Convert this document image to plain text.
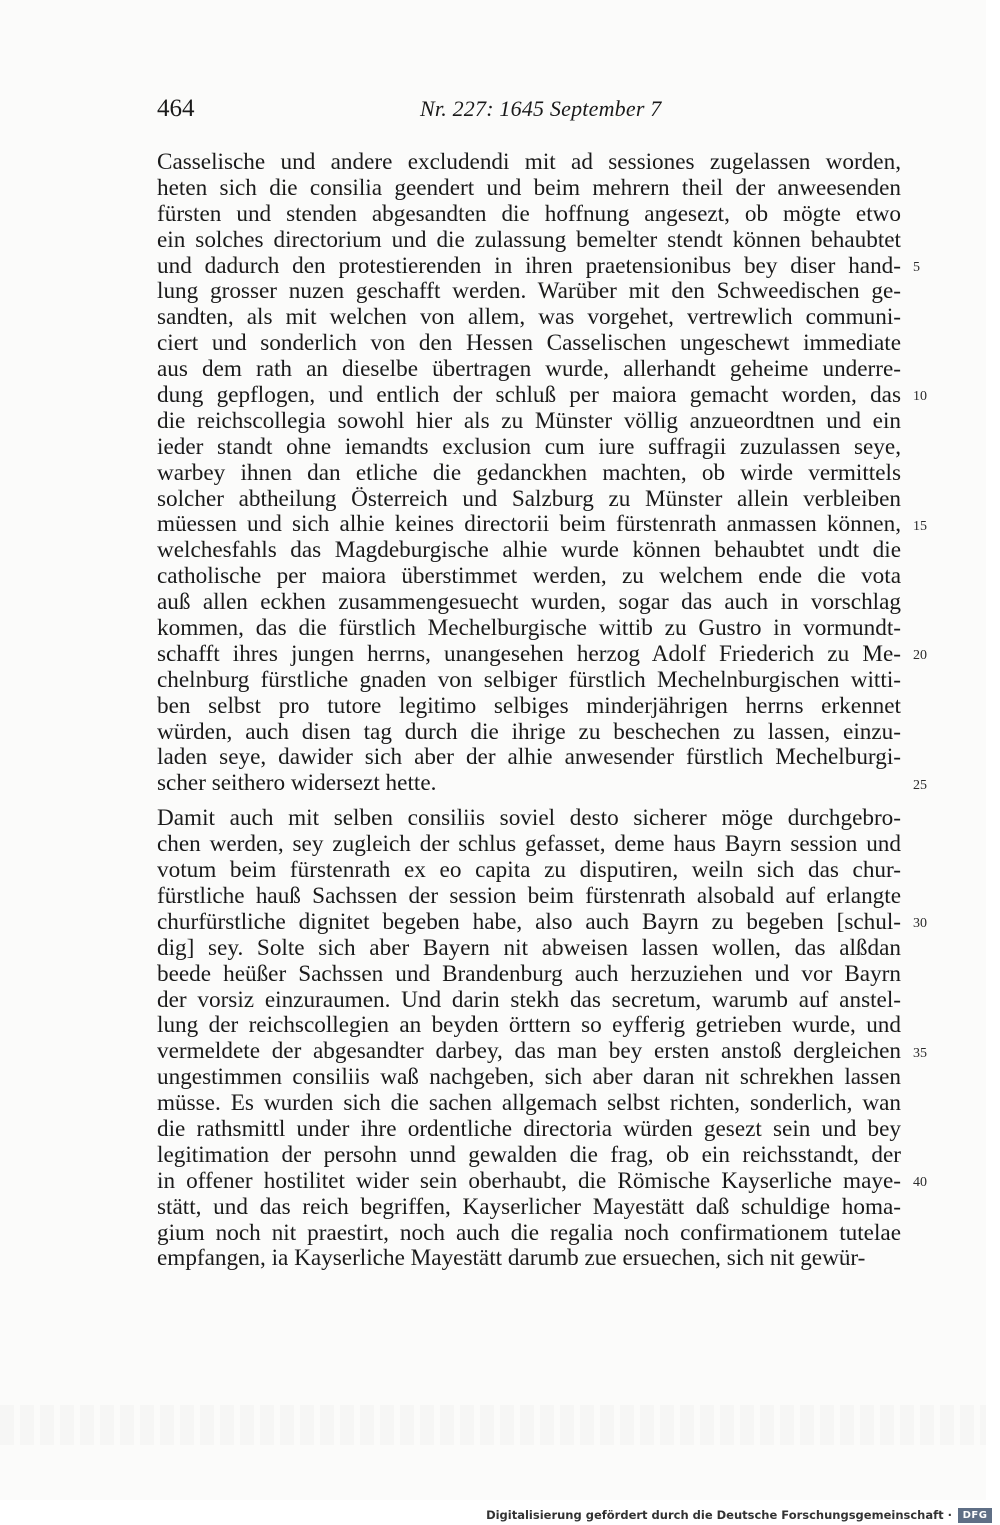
464	Nr. 227: 1645 September 7
Casselische und andere excludendi mit ad sessiones zugelassen worden,
heten sich die consilia geendert und beim mehrern theil der anweesenden
fürsten und stenden abgesandten die hoffnung angesezt, ob mögte etwo
ein solches directorium und die zulassung bemelter stendt können behaubtet
und dadurch den protestierenden in ihren praetensionibus bey diser hand-
lung grosser nuzen geschafft werden. Warüber mit den Schweedischen ge-
sandten, als mit welchen von allem, was vorgehet, vertrewlich communi-
ciert und sonderlich von den Hessen Casselischen ungeschewt immediate
aus dem rath an dieselbe übertragen wurde, allerhandt geheime underre-
dung gepflogen, und entlich der schluß per maiora gemacht worden, das
die reichscollegia sowohl hier als zu Münster völlig anzueordtnen und ein
ieder standt ohne iemandts exclusion cum iure suffragii zuzulassen seye,
warbey ihnen dan etliche die gedanckhen machten, ob wirde vermittels
solcher abtheilung Österreich und Salzburg zu Münster allein verbleiben
müessen und sich alhie keines directorii beim fürstenrath anmassen können,
welchesfahls das Magdeburgische alhie wurde können behaubtet undt die
catholische per maiora überstimmet werden, zu welchem ende die vota
auß allen eckhen zusammengesuecht wurden, sogar das auch in vorschlag
kommen, das die fürstlich Mechelburgische wittib zu Gustro in vormundt-
schafft ihres jungen herrns, unangesehen herzog Adolf Friederich zu Me-
chelnburg fürstliche gnaden von selbiger fürstlich Mechelnburgischen witti-
ben selbst pro tutore legitimo selbiges minderjährigen herrns erkennet
würden, auch disen tag durch die ihrige zu beschechen zu lassen, einzu-
laden seye, dawider sich aber der alhie anwesender fürstlich Mechelburgi-
scher seithero widersezt hette.
Damit auch mit selben consiliis soviel desto sicherer möge durchgebro-
chen werden, sey zugleich der schlus gefasset, deme haus Bayrn session und
votum beim fürstenrath ex eo capita zu disputiren, weiln sich das chur-
fürstliche hauß Sachssen der session beim fürstenrath alsobald auf erlangte
churfürstliche dignitet begeben habe, also auch Bayrn zu begeben [schul-
dig] sey. Solte sich aber Bayern nit abweisen lassen wollen, das alßdan
beede heüßer Sachssen und Brandenburg auch herzuziehen und vor Bayrn
der vorsiz einzuraumen. Und darin stekh das secretum, warumb auf anstel-
lung der reichscollegien an beyden örttern so eyfferig getrieben wurde, und
vermeldete der abgesandter darbey, das man bey ersten anstoß dergleichen
ungestimmen consiliis waß nachgeben, sich aber daran nit schrekhen lassen
müsse. Es wurden sich die sachen allgemach selbst richten, sonderlich, wan
die rathsmittl under ihre ordentliche directoria würden gesezt sein und bey
legitimation der persohn unnd gewalden die frag, ob ein reichsstandt, der
in offener hostilitet wider sein oberhaubt, die Römische Kayserliche maye-
stätt, und das reich begriffen, Kayserlicher Mayestätt daß schuldige homa-
gium noch nit praestirt, noch auch die regalia noch confirmationem tutelae
empfangen, ia Kayserliche Mayestätt darumb zue ersuechen, sich nit gewür-
5
10
15
20
25
30
35
40
Digitalisierung gefördert durch die Deutsche Forschungsgemeinschaft ·	DFG
